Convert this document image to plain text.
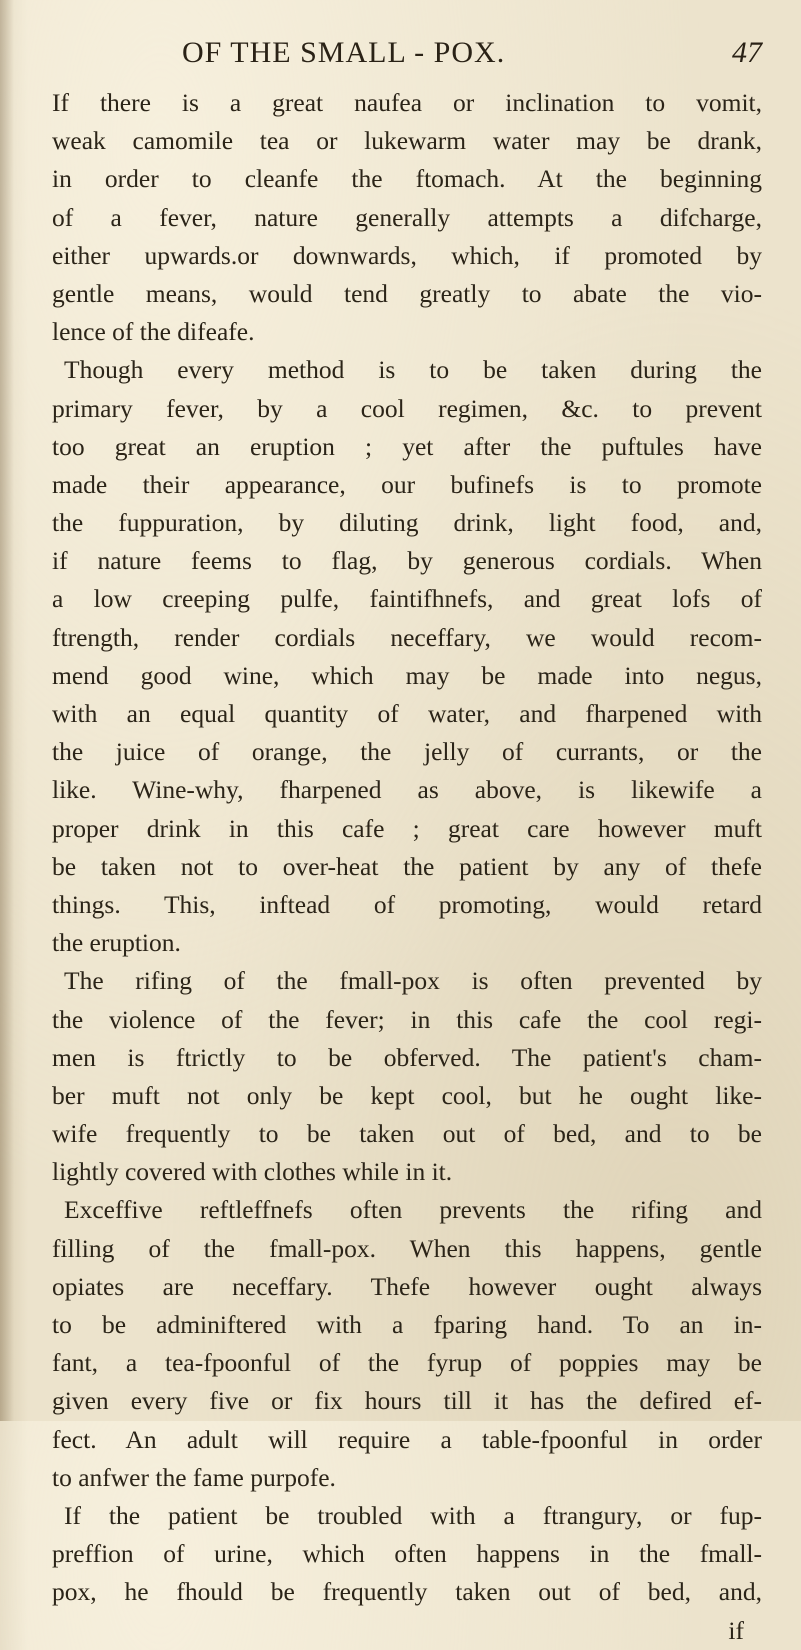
OF THE SMALL - POX.	47
If there is a great naufea or inclination to vomit,
weak camomile tea or lukewarm water may be drank,
in order to cleanfe the ftomach. At the beginning
of a fever, nature generally attempts a difcharge,
either upwards.or downwards, which, if promoted by
gentle means, would tend greatly to abate the vio-
lence of the difeafe.
Though every method is to be taken during the
primary fever, by a cool regimen, &c. to prevent
too great an eruption ; yet after the puftules have
made their appearance, our bufinefs is to promote
the fuppuration, by diluting drink, light food, and,
if nature feems to flag, by generous cordials. When
a low creeping pulfe, faintifhnefs, and great lofs of
ftrength, render cordials neceffary, we would recom-
mend good wine, which may be made into negus,
with an equal quantity of water, and fharpened with
the juice of orange, the jelly of currants, or the
like. Wine-why, fharpened as above, is likewife a
proper drink in this cafe ; great care however muft
be taken not to over-heat the patient by any of thefe
things. This, inftead of promoting, would retard
the eruption.
The rifing of the fmall-pox is often prevented by
the violence of the fever; in this cafe the cool regi-
men is ftrictly to be obferved. The patient's cham-
ber muft not only be kept cool, but he ought like-
wife frequently to be taken out of bed, and to be
lightly covered with clothes while in it.
Exceffive reftleffnefs often prevents the rifing and
filling of the fmall-pox. When this happens, gentle
opiates are neceffary. Thefe however ought always
to be adminiftered with a fparing hand. To an in-
fant, a tea-fpoonful of the fyrup of poppies may be
given every five or fix hours till it has the defired ef-
fect. An adult will require a table-fpoonful in order
to anfwer the fame purpofe.
If the patient be troubled with a ftrangury, or fup-
preffion of urine, which often happens in the fmall-
pox, he fhould be frequently taken out of bed, and,
if
